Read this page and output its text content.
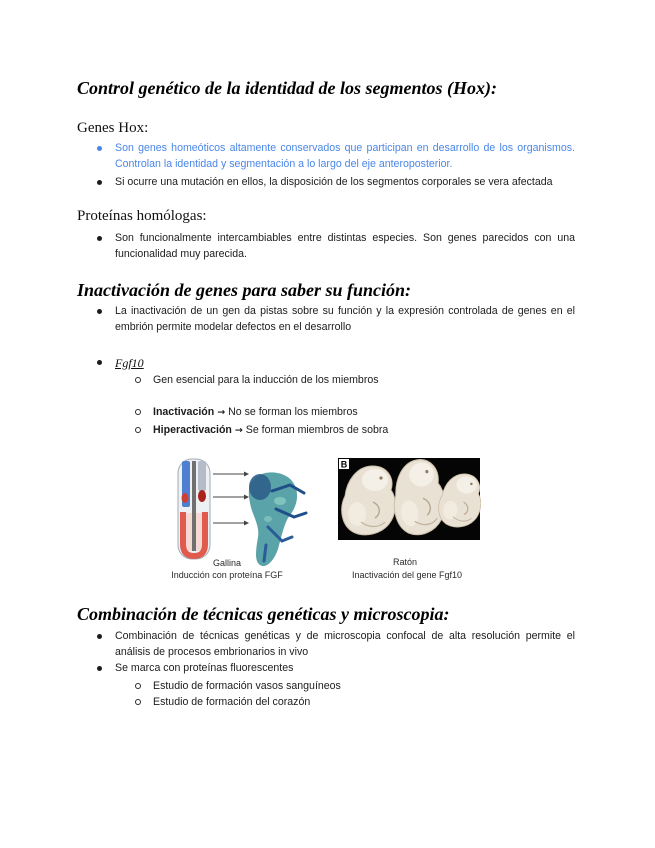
Control genético de la identidad de los segmentos (Hox):
Genes Hox:

Son genes homeóticos altamente conservados que participan en desarrollo de los organismos. Controlan la identidad y segmentación a lo largo del eje anteroposterior.

Si ocurre una mutación en ellos, la disposición de los segmentos corporales se vera afectada

Proteínas homólogas:

Son funcionalmente intercambiables entre distintas especies. Son genes parecidos con una funcionalidad muy parecida.

Inactivación de genes para saber su función:

La inactivación de un gen da pistas sobre su función y la expresión controlada de genes en el embrión permite modelar defectos en el desarrollo

Fgf10

Gen esencial para la inducción de los miembros

Inactivación → No se forman los miembros

Hiperactivación → Se forman miembros de sobra

B
Gallina
Inducción con proteína FGF
Ratón
Inactivación del gene Fgf10
Combinación de técnicas genéticas y microscopia:

Combinación de técnicas genéticas y de microscopia confocal de alta resolución permite el análisis de procesos embrionarios in vivo

Se marca con proteínas fluorescentes

Estudio de formación vasos sanguíneos

Estudio de formación del corazón
